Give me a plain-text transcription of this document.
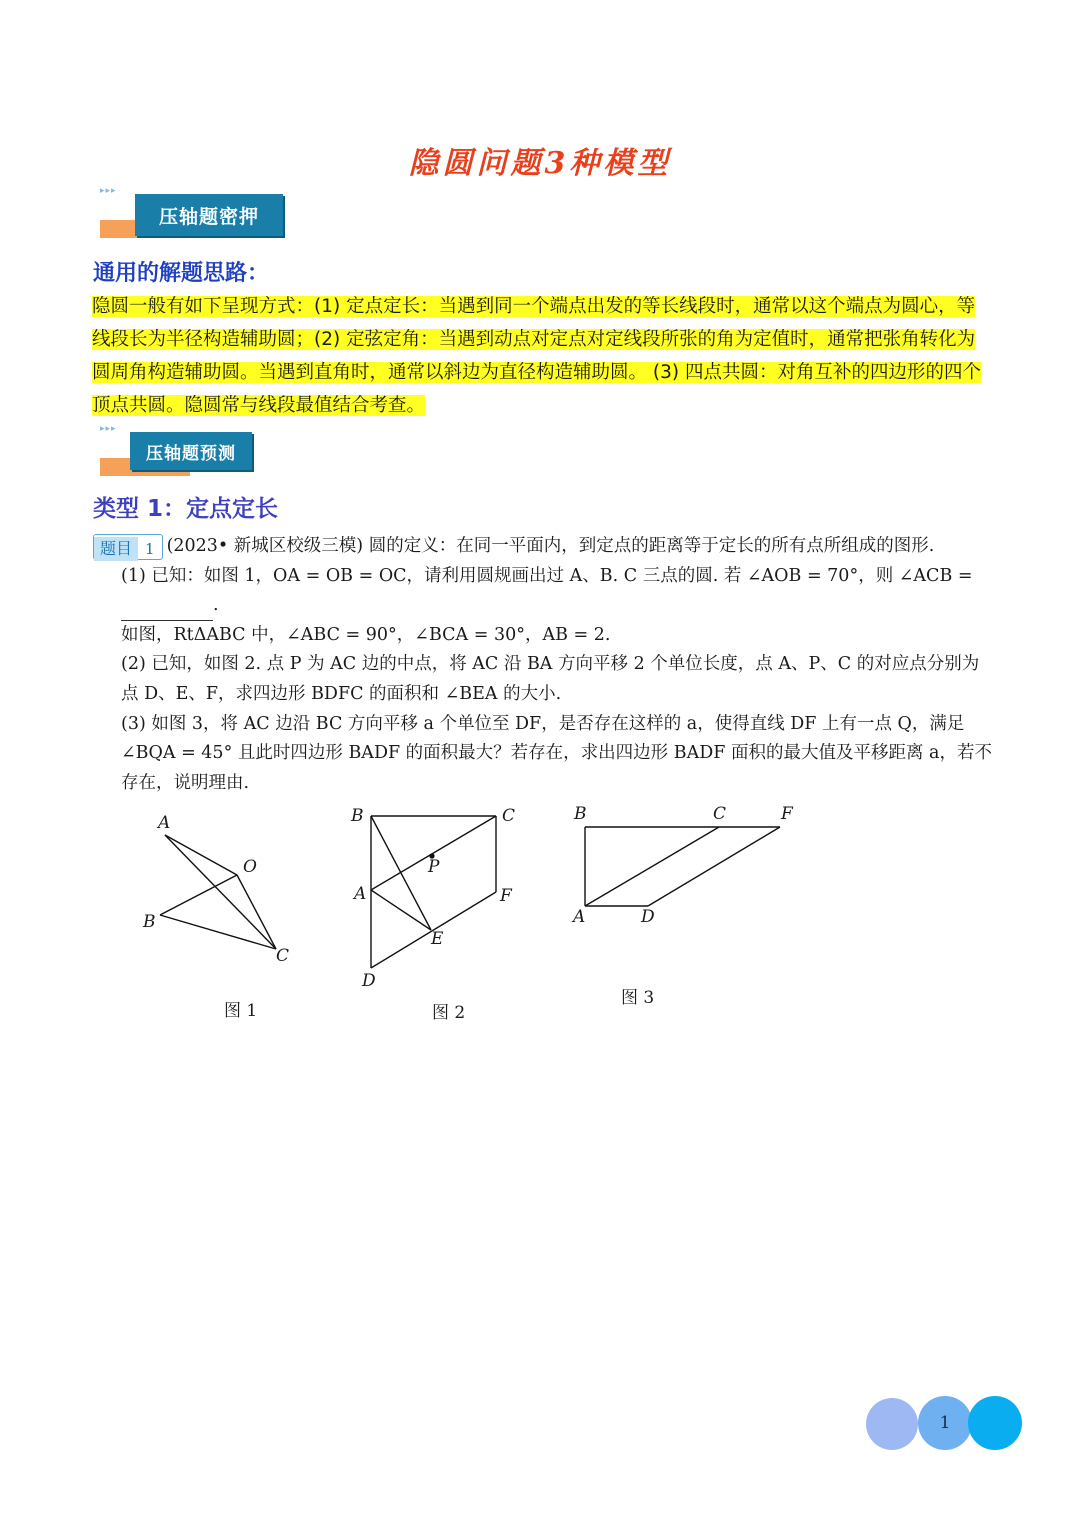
隐圆问题3种模型
▸▸▸
压轴题密押
通用的解题思路：
隐圆一般有如下呈现方式：(1) 定点定长：当遇到同一个端点出发的等长线段时，通常以这个端点为圆心，等线段长为半径构造辅助圆；(2) 定弦定角：当遇到动点对定点对定线段所张的角为定值时，通常把张角转化为圆周角构造辅助圆。当遇到直角时，通常以斜边为直径构造辅助圆。 (3) 四点共圆：对角互补的四边形的四个顶点共圆。隐圆常与线段最值结合考查。
▸▸▸
压轴题预测
类型 1：定点定长
题目 1 (2023• 新城区校级三模) 圆的定义：在同一平面内，到定点的距离等于定长的所有点所组成的图形.
(1) 已知：如图 1，OA = OB = OC，请利用圆规画出过 A、B. C 三点的圆. 若 ∠AOB = 70°，则 ∠ACB =
.
如图，RtΔABC 中，∠ABC = 90°，∠BCA = 30°，AB = 2.
(2) 已知，如图 2. 点 P 为 AC 边的中点，将 AC 沿 BA 方向平移 2 个单位长度，点 A、P、C 的对应点分别为点 D、E、F，求四边形 BDFC 的面积和 ∠BEA 的大小.
(3) 如图 3，将 AC 边沿 BC 方向平移 a 个单位至 DF，是否存在这样的 a，使得直线 DF 上有一点 Q，满足 ∠BQA = 45° 且此时四边形 BADF 的面积最大？若存在，求出四边形 BADF 面积的最大值及平移距离 a，若不存在，说明理由.
A
O
B
C
图 1
B	C
P
A	F
E
D
图 2
B	C	F
A	D
图 3
1
